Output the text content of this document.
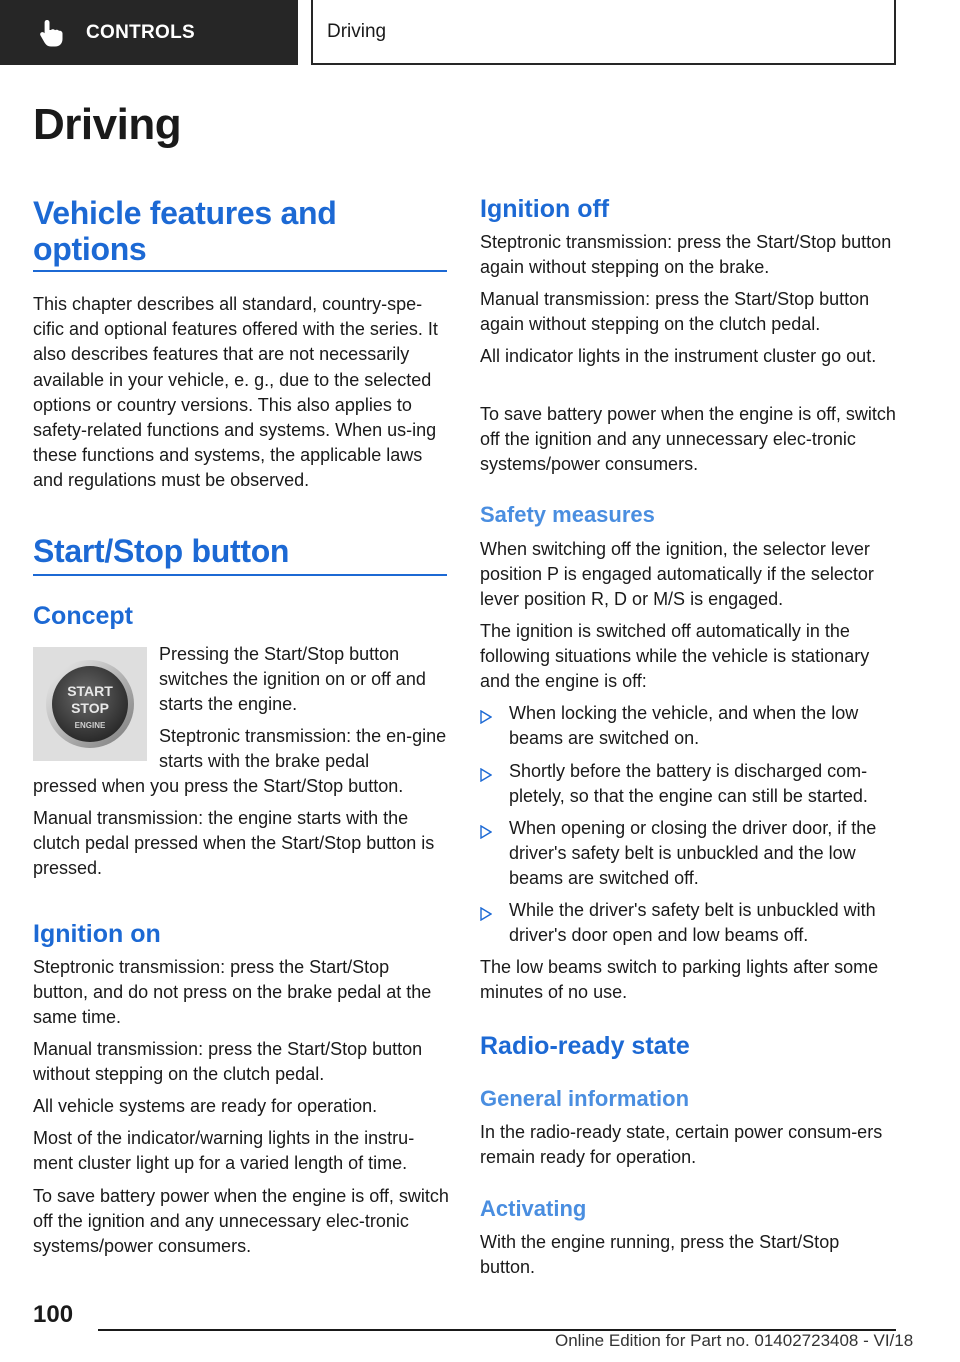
CONTROLS	Driving
Driving
Vehicle features and
options
This chapter describes all standard, country-spe-cific and optional features offered with the series. It also describes features that are not necessarily available in your vehicle, e. g., due to the selected options or country versions. This also applies to safety-related functions and systems. When us-ing these functions and systems, the applicable laws and regulations must be observed.
Start/Stop button
Concept
START
STOP
ENGINE
Pressing the Start/Stop button switches the ignition on or off and starts the engine.
Steptronic transmission: the en-gine starts with the brake pedal
pressed when you press the Start/Stop button.
Manual transmission: the engine starts with the clutch pedal pressed when the Start/Stop button is pressed.
Ignition on
Steptronic transmission: press the Start/Stop button, and do not press on the brake pedal at the same time.
Manual transmission: press the Start/Stop button without stepping on the clutch pedal.
All vehicle systems are ready for operation.
Most of the indicator/warning lights in the instru-ment cluster light up for a varied length of time.
To save battery power when the engine is off, switch off the ignition and any unnecessary elec-tronic systems/power consumers.
Ignition off
Steptronic transmission: press the Start/Stop button again without stepping on the brake.
Manual transmission: press the Start/Stop button again without stepping on the clutch pedal.
All indicator lights in the instrument cluster go out.
To save battery power when the engine is off, switch off the ignition and any unnecessary elec-tronic systems/power consumers.
Safety measures
When switching off the ignition, the selector lever position P is engaged automatically if the selector lever position R, D or M/S is engaged.
The ignition is switched off automatically in the following situations while the vehicle is stationary and the engine is off:
When locking the vehicle, and when the low beams are switched on.
Shortly before the battery is discharged com-pletely, so that the engine can still be started.
When opening or closing the driver door, if the driver's safety belt is unbuckled and the low beams are switched off.
While the driver's safety belt is unbuckled with driver's door open and low beams off.
The low beams switch to parking lights after some minutes of no use.
Radio-ready state
General information
In the radio-ready state, certain power consum-ers remain ready for operation.
Activating
With the engine running, press the Start/Stop button.
100
Online Edition for Part no. 01402723408 - VI/18
